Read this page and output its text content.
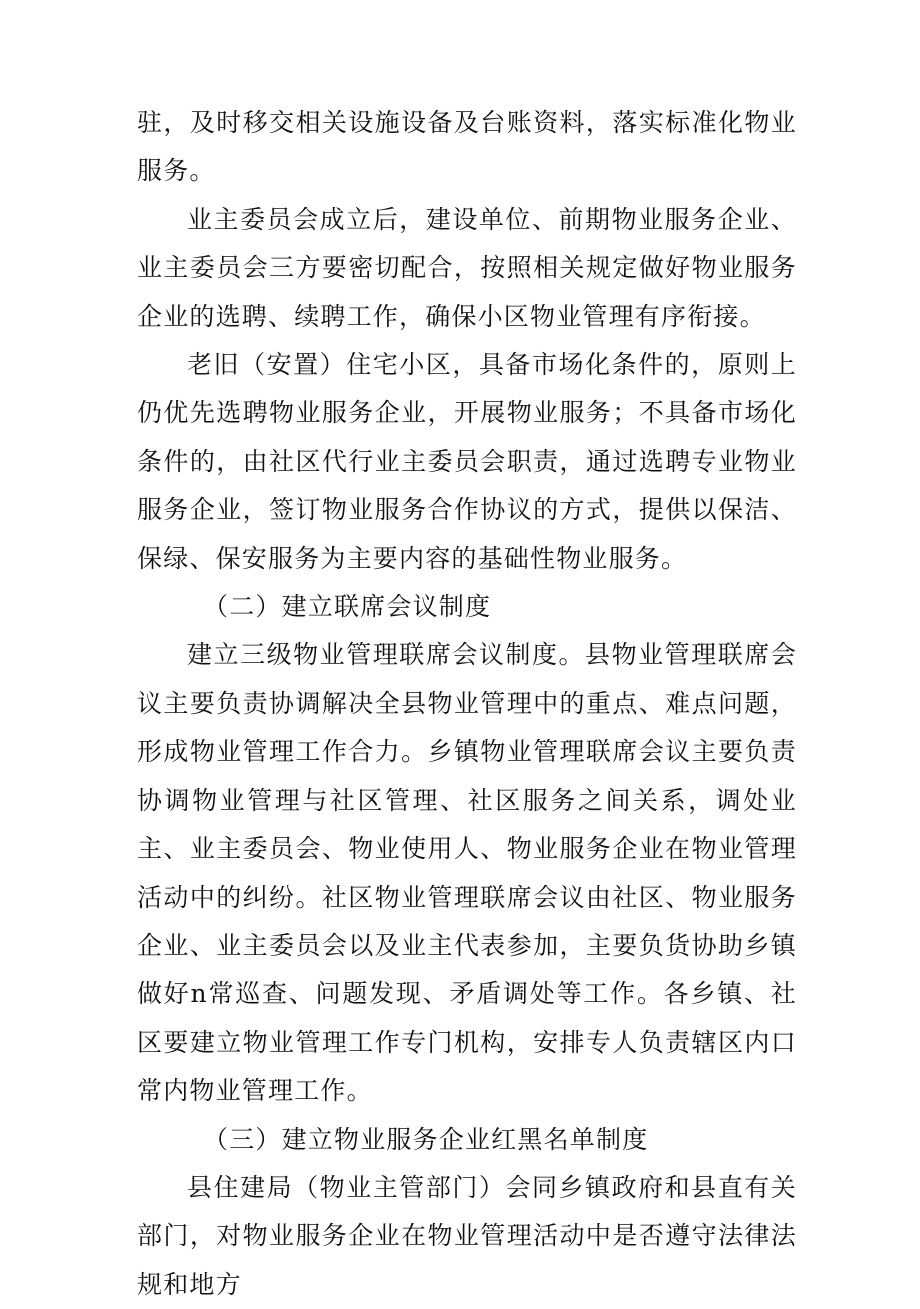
驻，及时移交相关设施设备及台账资料，落实标准化物业服务。

业主委员会成立后，建设单位、前期物业服务企业、业主委员会三方要密切配合，按照相关规定做好物业服务企业的选聘、续聘工作，确保小区物业管理有序衔接。

老旧（安置）住宅小区，具备市场化条件的，原则上仍优先选聘物业服务企业，开展物业服务；不具备市场化条件的，由社区代行业主委员会职责，通过选聘专业物业服务企业，签订物业服务合作协议的方式，提供以保洁、保绿、保安服务为主要内容的基础性物业服务。

（二）建立联席会议制度

建立三级物业管理联席会议制度。县物业管理联席会议主要负责协调解决全县物业管理中的重点、难点问题，形成物业管理工作合力。乡镇物业管理联席会议主要负责协调物业管理与社区管理、社区服务之间关系，调处业主、业主委员会、物业使用人、物业服务企业在物业管理活动中的纠纷。社区物业管理联席会议由社区、物业服务企业、业主委员会以及业主代表参加，主要负货协助乡镇做好n常巡查、问题发现、矛盾调处等工作。各乡镇、社区要建立物业管理工作专门机构，安排专人负责辖区内口常内物业管理工作。

（三）建立物业服务企业红黑名单制度

县住建局（物业主管部门）会同乡镇政府和县直有关部门，对物业服务企业在物业管理活动中是否遵守法律法规和地方
